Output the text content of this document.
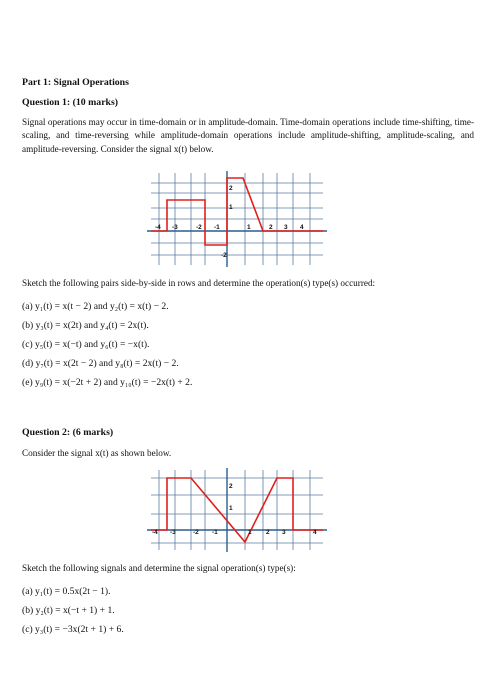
Part 1: Signal Operations
Question 1: (10 marks)
Signal operations may occur in time-domain or in amplitude-domain. Time-domain operations include time-shifting, time-scaling, and time-reversing while amplitude-domain operations include amplitude-shifting, amplitude-scaling, and amplitude-reversing. Consider the signal x(t) below.
-4 -3	-2 -1	1	2 3 4
2
1
-2
Sketch the following pairs side-by-side in rows and determine the operation(s) type(s) occurred:
(a) y₁(t) = x(t − 2) and y₂(t) = x(t) − 2.
(b) y₃(t) = x(2t) and y₄(t) = 2x(t).
(c) y₅(t) = x(−t) and y₆(t) = −x(t).
(d) y₇(t) = x(2t − 2) and y₈(t) = 2x(t) − 2.
(e) y₉(t) = x(−2t + 2) and y₁₀(t) = −2x(t) + 2.
Question 2: (6 marks)
Consider the signal x(t) as shown below.
-4 -3	-2 -1	1 2 3	4
2
1
Sketch the following signals and determine the signal operation(s) type(s):
(a) y₁(t) = 0.5x(2t − 1).
(b) y₂(t) = x(−t + 1) + 1.
(c) y₃(t) = −3x(2t + 1) + 6.
